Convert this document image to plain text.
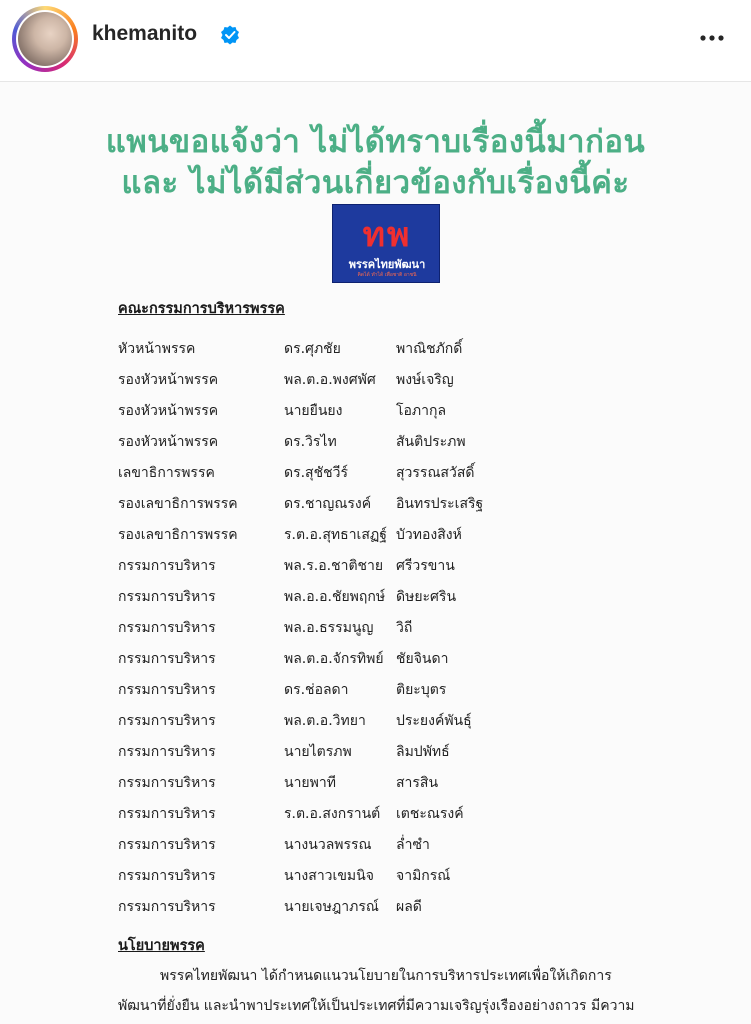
khemanito
แพนขอแจ้งว่า ไม่ได้ทราบเรื่องนี้มาก่อน
และ ไม่ได้มีส่วนเกี่ยวข้องกับเรื่องนี้ค่ะ
ทพ
พรรคไทยพัฒนา
คิดได้ ทำได้ เพื่อชาติ อาชนิ
คณะกรรมการบริหารพรรค
หัวหน้าพรรค	ดร.ศุภชัย	พาณิชภักดิ์
รองหัวหน้าพรรค	พล.ต.อ.พงศพัศ พงษ์เจริญ
รองหัวหน้าพรรค	นายยืนยง	โอภากุล
รองหัวหน้าพรรค	ดร.วิรไท	สันติประภพ
เลขาธิการพรรค	ดร.สุชัชวีร์	สุวรรณสวัสดิ์
รองเลขาธิการพรรค	ดร.ชาญณรงค์ อินทรประเสริฐ
รองเลขาธิการพรรค	ร.ต.อ.สุทธาเสฏฐ์ บัวทองสิงห์
กรรมการบริหาร	พล.ร.อ.ชาติชาย ศรีวรขาน
กรรมการบริหาร	พล.อ.อ.ชัยพฤกษ์ ดิษยะศริน
กรรมการบริหาร	พล.อ.ธรรมนูญ วิถี
กรรมการบริหาร	พล.ต.อ.จักรทิพย์ ชัยจินดา
กรรมการบริหาร	ดร.ช่อลดา	ติยะบุตร
กรรมการบริหาร	พล.ต.อ.วิทยา ประยงค์พันธุ์
กรรมการบริหาร	นายไตรภพ	ลิมปพัทธ์
กรรมการบริหาร	นายพาที	สารสิน
กรรมการบริหาร	ร.ต.อ.สงกรานต์ เตชะณรงค์
กรรมการบริหาร	นางนวลพรรณ ล่ำซำ
กรรมการบริหาร	นางสาวเขมนิจ จามิกรณ์
กรรมการบริหาร	นายเจษฎาภรณ์ ผลดี
นโยบายพรรค
พรรคไทยพัฒนา ได้กำหนดแนวนโยบายในการบริหารประเทศเพื่อให้เกิดการ
พัฒนาที่ยั่งยืน และนำพาประเทศให้เป็นประเทศที่มีความเจริญรุ่งเรืองอย่างถาวร มีความ
